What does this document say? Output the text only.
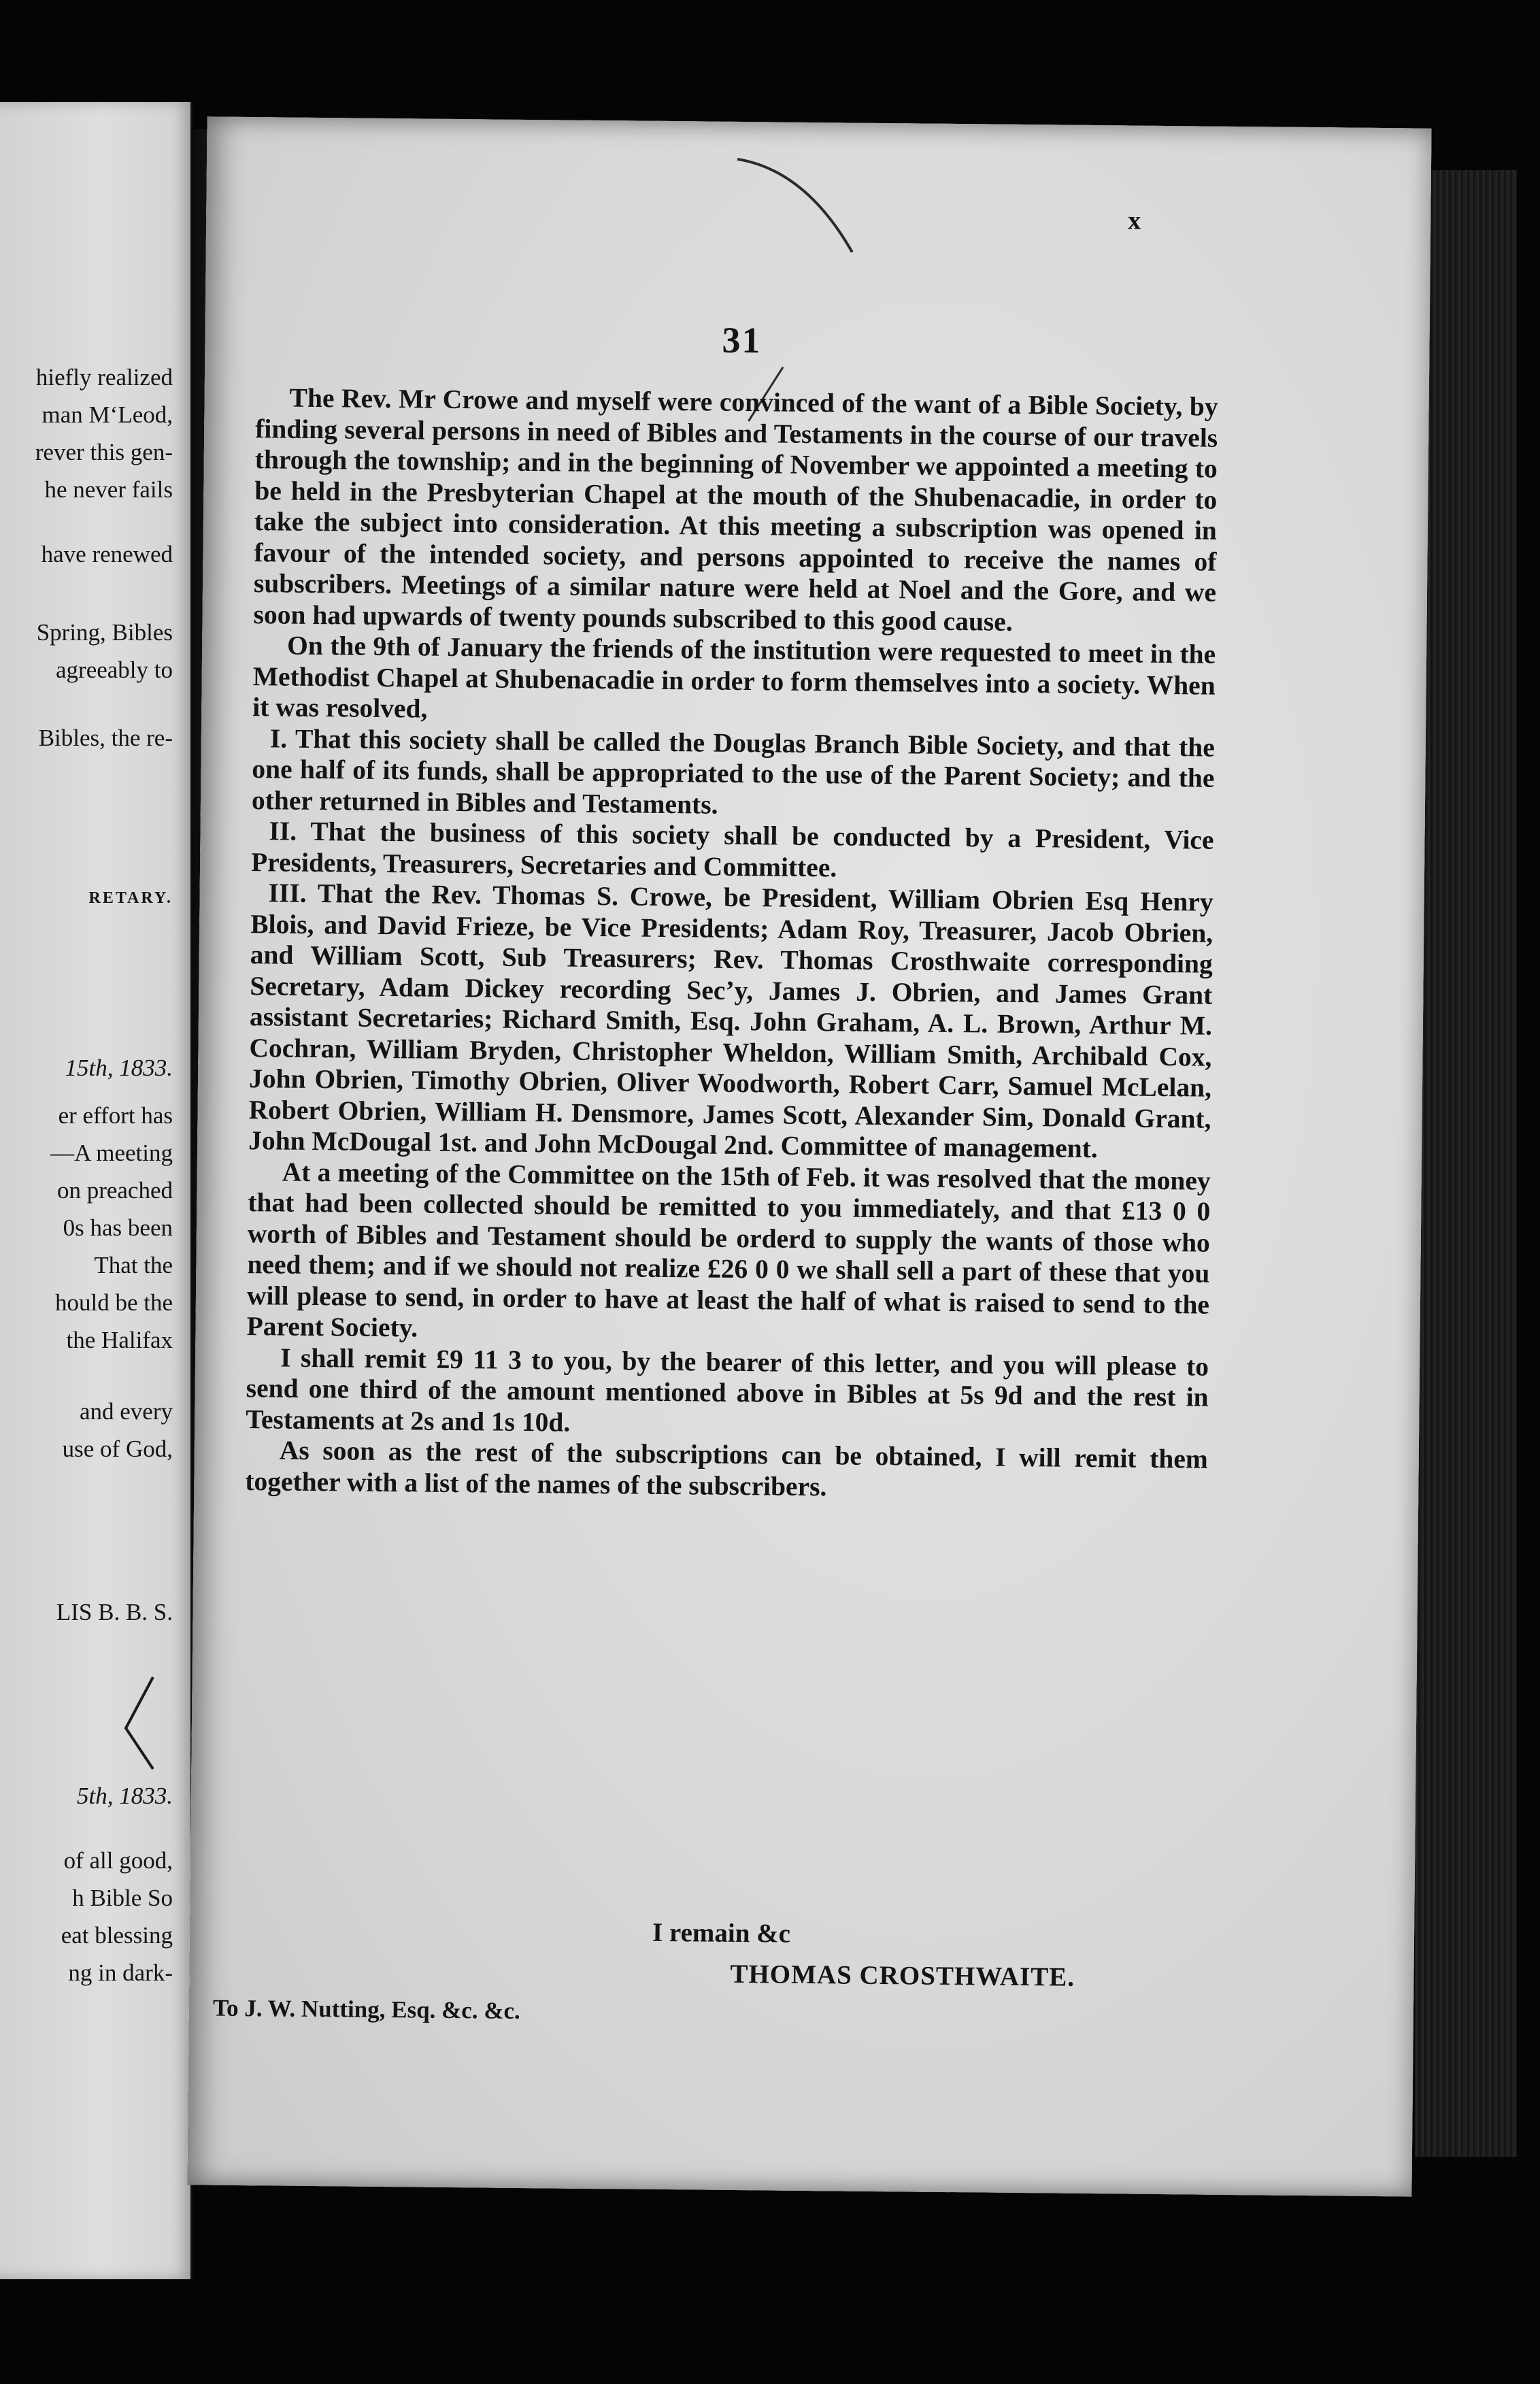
hiefly realized
man M‘Leod,
rever this gen-
he never fails
have renewed
Spring, Bibles
agreeably to
Bibles, the re-
RETARY.
15th, 1833.
er effort has
—A meeting
on preached
0s has been
That the
hould be the
the Halifax
and every
use of God,
LIS B. B. S.
5th, 1833.
of all good,
h Bible So
eat blessing
ng in dark-
x
31

The Rev. Mr Crowe and myself were convinced of the want of a Bible Society, by finding several persons in need of Bibles and Testaments in the course of our travels through the township; and in the beginning of November we appointed a meeting to be held in the Presbyterian Chapel at the mouth of the Shubenacadie, in order to take the subject into consideration. At this meeting a subscription was opened in favour of the intended society, and persons appointed to receive the names of subscribers. Meetings of a similar nature were held at Noel and the Gore, and we soon had upwards of twenty pounds subscribed to this good cause.

On the 9th of January the friends of the institution were requested to meet in the Methodist Chapel at Shubenacadie in order to form themselves into a society. When it was resolved,

I. That this society shall be called the Douglas Branch Bible Society, and that the one half of its funds, shall be appropriated to the use of the Parent Society; and the other returned in Bibles and Testaments.

II. That the business of this society shall be conducted by a President, Vice Presidents, Treasurers, Secretaries and Committee.

III. That the Rev. Thomas S. Crowe, be President, William Obrien Esq Henry Blois, and David Frieze, be Vice Presidents; Adam Roy, Treasurer, Jacob Obrien, and William Scott, Sub Treasurers; Rev. Thomas Crosthwaite corresponding Secretary, Adam Dickey recording Sec’y, James J. Obrien, and James Grant assistant Secretaries; Richard Smith, Esq. John Graham, A. L. Brown, Arthur M. Cochran, William Bryden, Christopher Wheldon, William Smith, Archibald Cox, John Obrien, Timothy Obrien, Oliver Woodworth, Robert Carr, Samuel McLelan, Robert Obrien, William H. Densmore, James Scott, Alexander Sim, Donald Grant, John McDougal 1st. and John McDougal 2nd. Committee of management.

At a meeting of the Committee on the 15th of Feb. it was resolved that the money that had been collected should be remitted to you immediately, and that £13 0 0 worth of Bibles and Testament should be orderd to supply the wants of those who need them; and if we should not realize £26 0 0 we shall sell a part of these that you will please to send, in order to have at least the half of what is raised to send to the Parent Society.

I shall remit £9 11 3 to you, by the bearer of this letter, and you will please to send one third of the amount mentioned above in Bibles at 5s 9d and the rest in Testaments at 2s and 1s 10d.

As soon as the rest of the subscriptions can be obtained, I will remit them together with a list of the names of the subscribers.

I remain &c
THOMAS CROSTHWAITE.
To J. W. Nutting, Esq. &c. &c.
